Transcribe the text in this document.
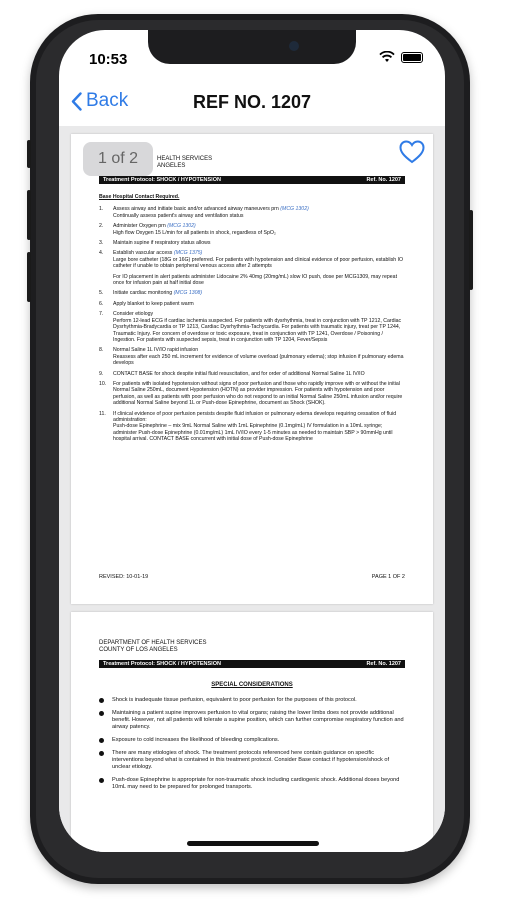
10:53
Back	REF NO. 1207
HEALTH SERVICES
ANGELES
Treatment Protocol: SHOCK / HYPOTENSION	Ref. No. 1207
Base Hospital Contact Required.
1.	Assess airway and initiate basic and/or advanced airway maneuvers prn (MCG 1302)
Continually assess patient's airway and ventilation status
2.	Administer Oxygen prn (MCG 1302)
High flow Oxygen 15 L/min for all patients in shock, regardless of SpO₂
3.	Maintain supine if respiratory status allows
4.	Establish vascular access (MCG 1375)
Large bore catheter (18G or 16G) preferred. For patients with hypotension and clinical evidence of poor perfusion, establish IO catheter if unable to obtain peripheral venous access after 2 attempts
For IO placement in alert patients administer Lidocaine 2% 40mg (20mg/mL) slow IO push, dose per MCG1309, may repeat once for infusion pain at half initial dose
5.	Initiate cardiac monitoring (MCG 1308)
6.	Apply blanket to keep patient warm
7.	Consider etiology
Perform 12-lead ECG if cardiac ischemia suspected. For patients with dysrhythmia, treat in conjunction with TP 1212, Cardiac Dysrhythmia-Bradycardia or TP 1213, Cardiac Dysrhythmia-Tachycardia. For patients with traumatic injury, treat per TP 1244, Traumatic Injury. For concern of overdose or toxic exposure, treat in conjunction with TP 1241, Overdose / Poisoning / Ingestion. For patients with suspected sepsis, treat in conjunction with TP 1204, Fever/Sepsis
8.	Normal Saline 1L IV/IO rapid infusion
Reassess after each 250 mL increment for evidence of volume overload (pulmonary edema); stop infusion if pulmonary edema develops
9.	CONTACT BASE for shock despite initial fluid resuscitation, and for order of additional Normal Saline 1L IV/IO
10.	For patients with isolated hypotension without signs of poor perfusion and those who rapidly improve with or without the initial Normal Saline 250mL, document Hypotension (HOTN) as provider impression. For patients with hypotension and poor perfusion, as well as patients with poor perfusion who do not respond to an initial Normal Saline 250mL infusion and/or require additional Normal Saline beyond 1L or Push-dose Epinephrine, document as Shock (SHOK).
11.	If clinical evidence of poor perfusion persists despite fluid infusion or pulmonary edema develops requiring cessation of fluid administration:
Push-dose Epinephrine – mix 9mL Normal Saline with 1mL Epinephrine (0.1mg/mL) IV formulation in a 10mL syringe; administer Push-dose Epinephrine (0.01mg/mL) 1mL IV/IO every 1-5 minutes as needed to maintain SBP > 90mmHg until hospital arrival. CONTACT BASE concurrent with initial dose of Push-dose Epinephrine
REVISED: 10-01-19	PAGE 1 OF 2
DEPARTMENT OF HEALTH SERVICES
COUNTY OF LOS ANGELES
Treatment Protocol: SHOCK / HYPOTENSION	Ref. No. 1207
SPECIAL CONSIDERATIONS
Shock is inadequate tissue perfusion, equivalent to poor perfusion for the purposes of this protocol.
Maintaining a patient supine improves perfusion to vital organs; raising the lower limbs does not provide additional benefit. However, not all patients will tolerate a supine position, which can further compromise respiratory function and airway patency.
Exposure to cold increases the likelihood of bleeding complications.
There are many etiologies of shock. The treatment protocols referenced here contain guidance on specific interventions beyond what is contained in this treatment protocol. Consider Base contact if hypotension/shock of unclear etiology.
Push-dose Epinephrine is appropriate for non-traumatic shock including cardiogenic shock. Additional doses beyond 10mL may need to be prepared for prolonged transports.
1 of 2
